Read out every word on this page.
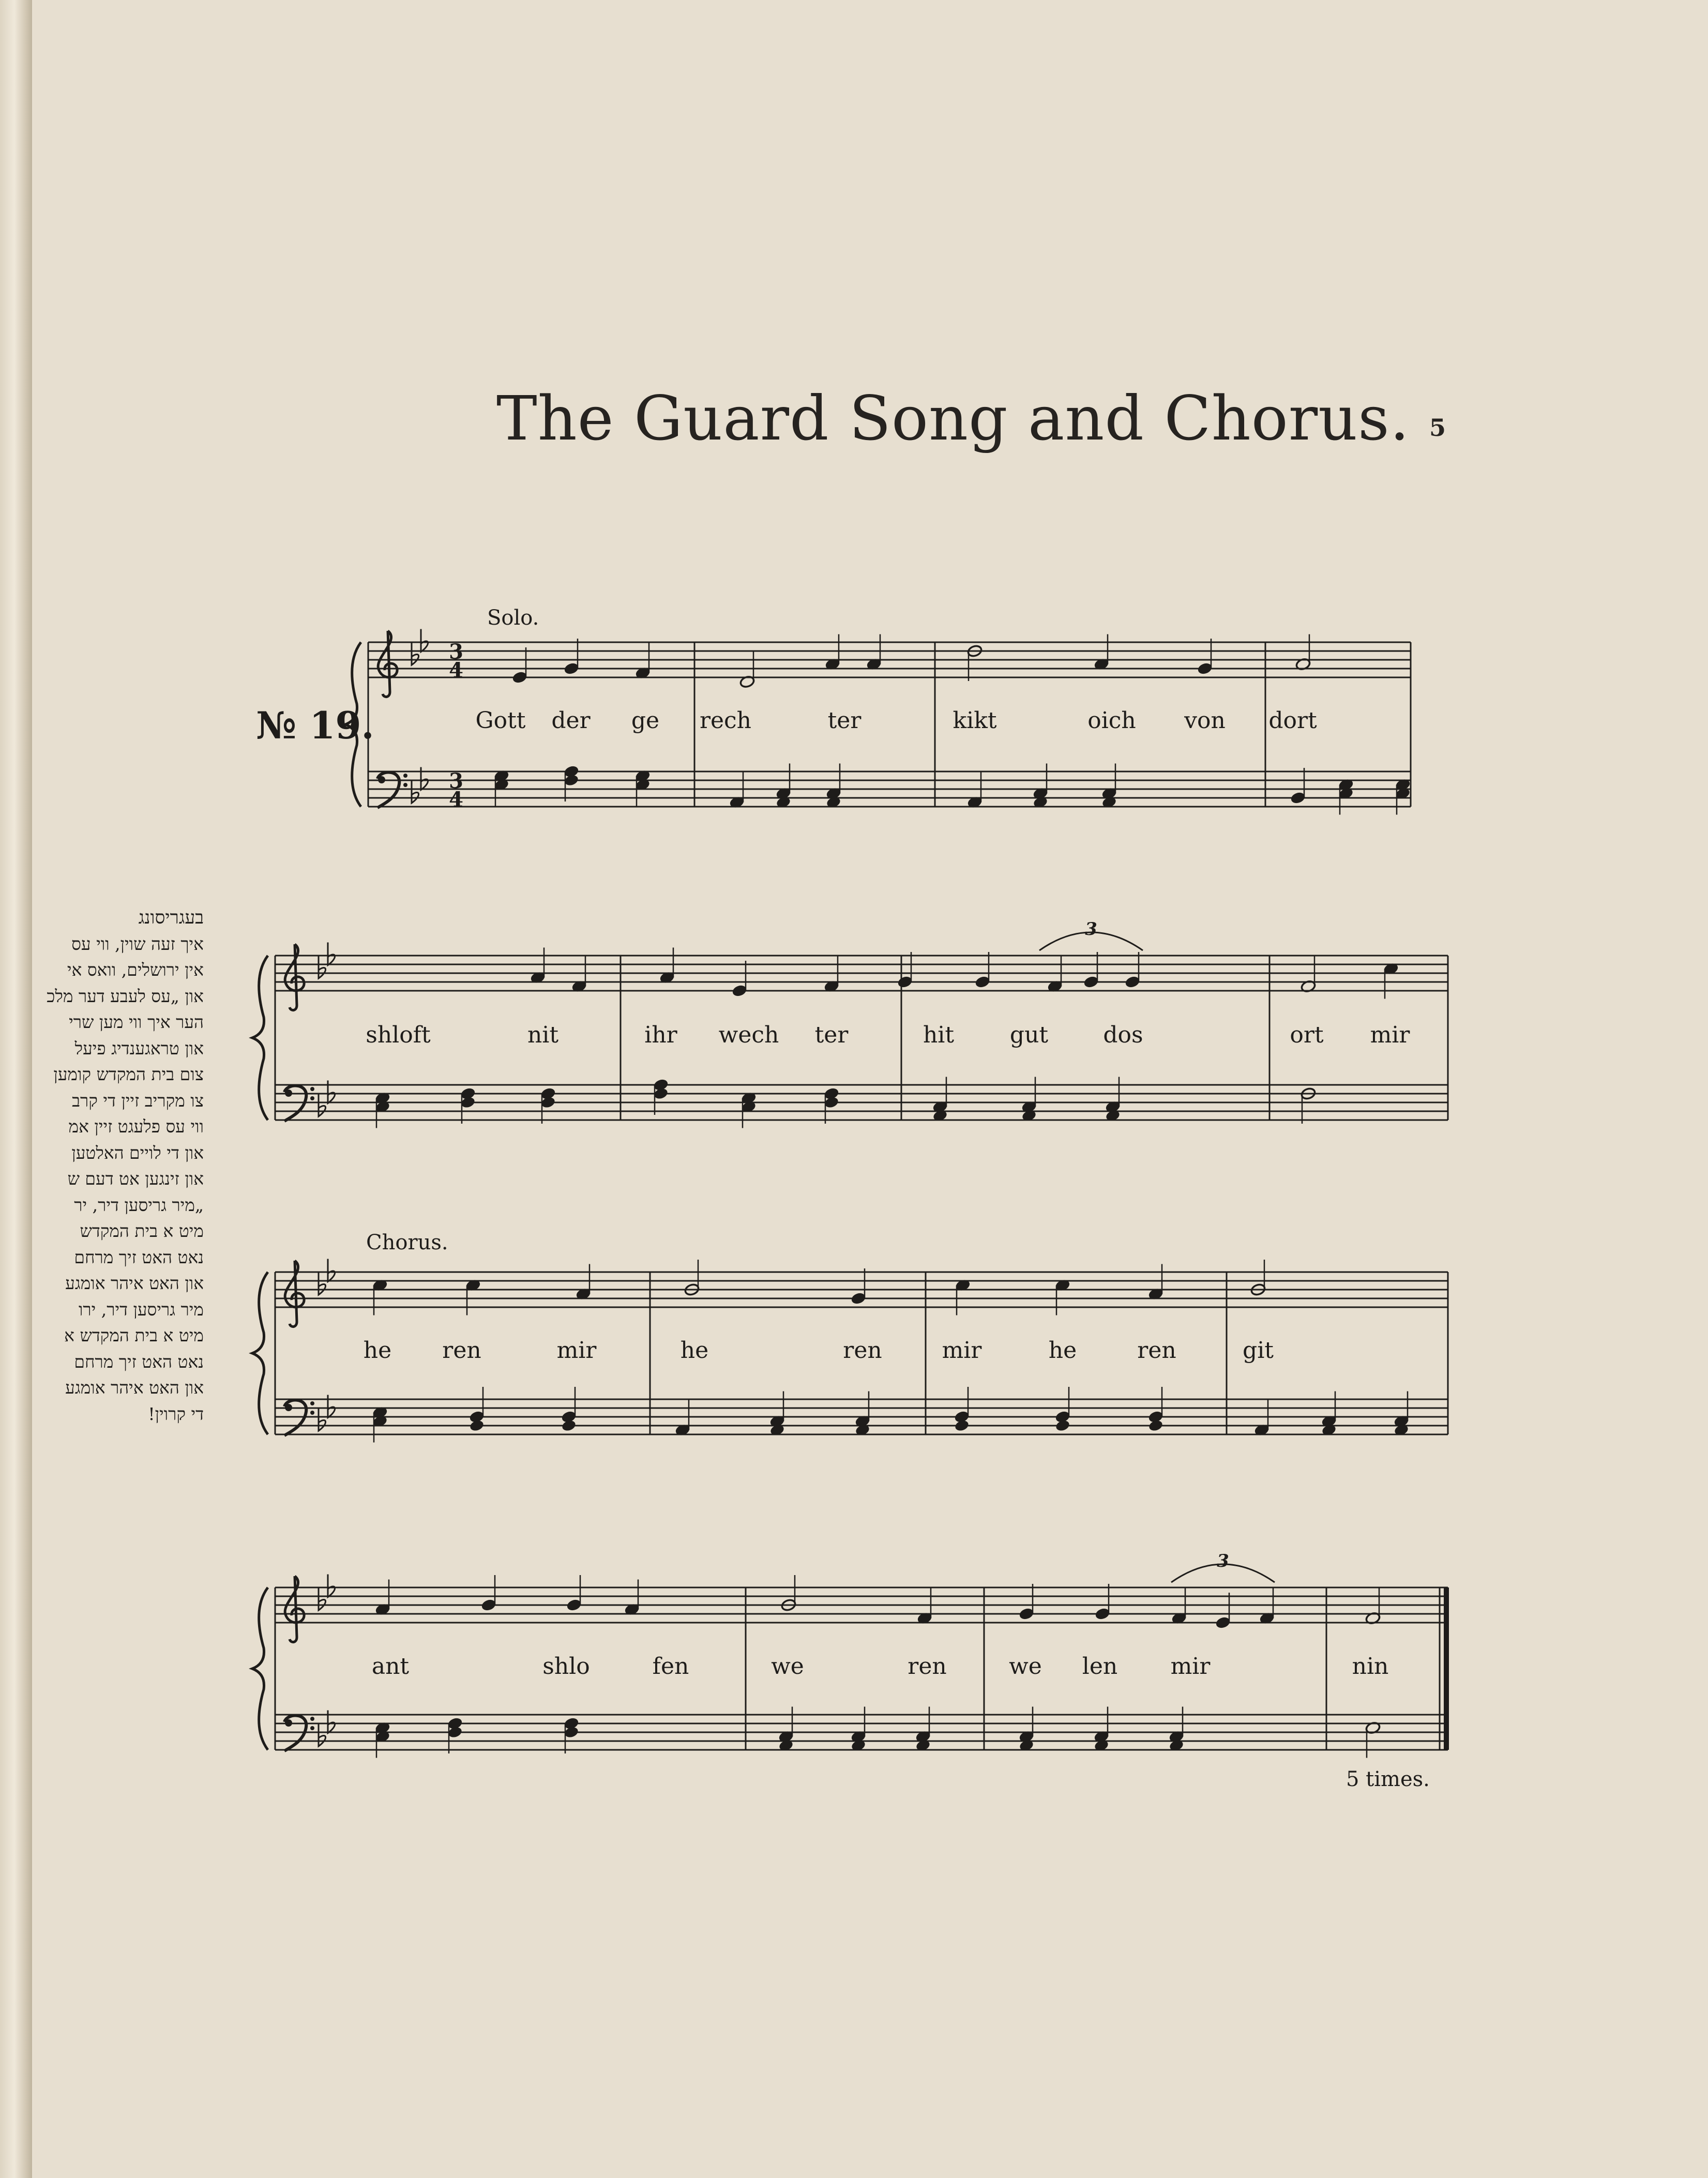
The Guard Song and Chorus. 5
№ 19.
בעגריסונג
איך זעה שוין, ווי עס
אין ירושלים, וואס אי
און „עס לעבע דער מלכ
הער איך ווי מען שרי
און טראגענדיג פיעל
צום בית המקדש קומען
צו מקריב זיין די קרב
ווי עס פלעגט זיין אמ
און די לויים האלטען
און זינגען אט דעם ש
„מיר גריסען דיר, יר
מיט א בית המקדש
נאט האט זיך מרחם
און האט איהר אומגע
מיר גריסען דיר, ירו
מיט א בית המקדש א
נאט האט זיך מרחם
און האט איהר אומגע
די קרוין!
3
4
3
4
Solo.
Gott der ge rech	ter	kikt	oich von dort
shloft	nit	ihr wech ter	hit gut dos	ort mir
3
Chorus.
he ren	mir	he	ren	mir	he	ren	git
ant	shlo	fen	we	ren	we len mir	nin
3
5 times.
